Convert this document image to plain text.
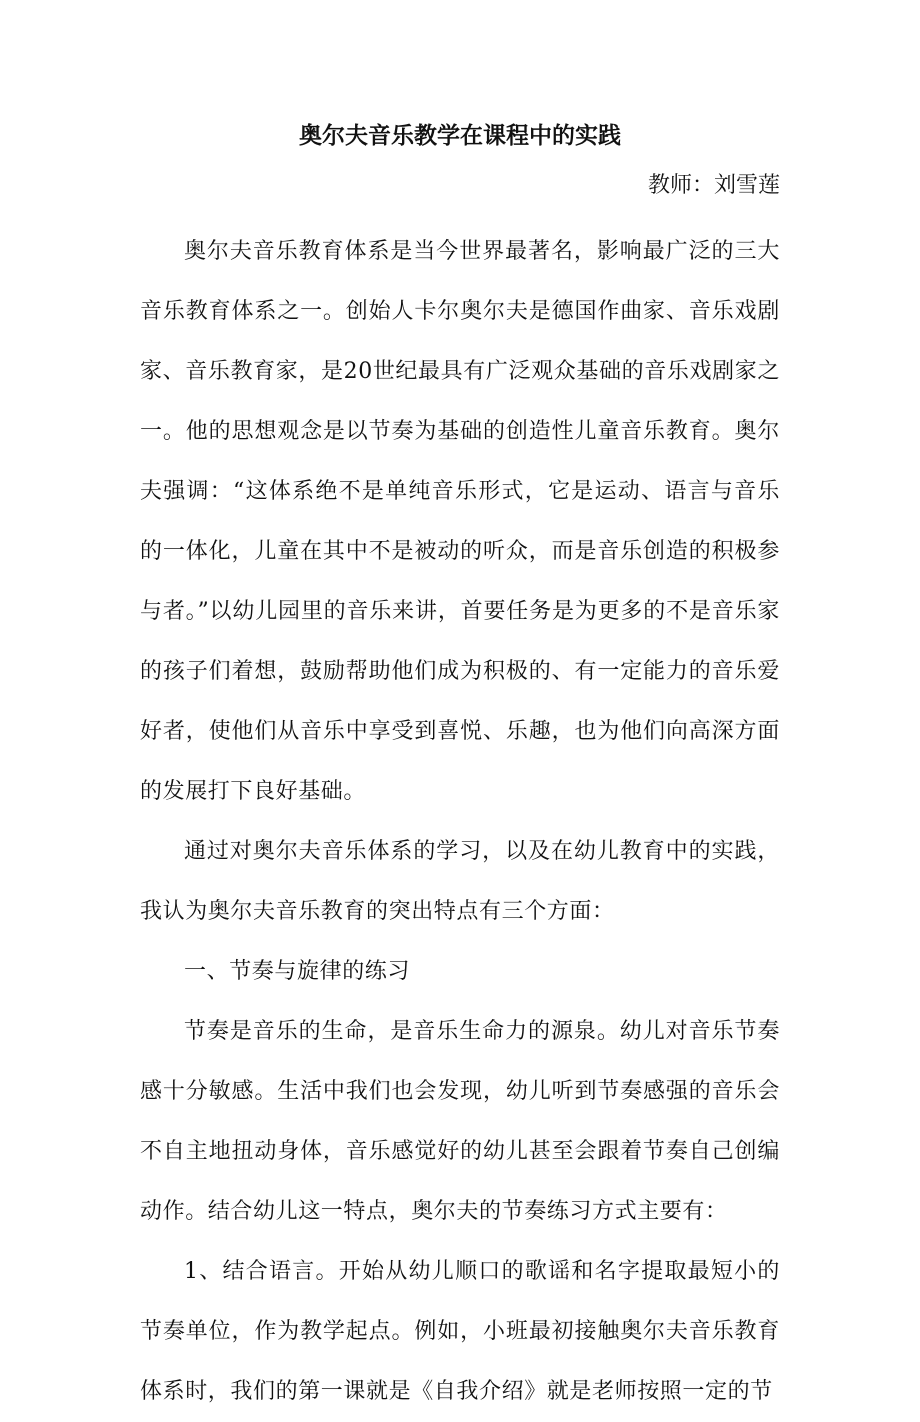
奥尔夫音乐教学在课程中的实践

教师：刘雪莲

奥尔夫音乐教育体系是当今世界最著名，影响最广泛的三大音乐教育体系之一。创始人卡尔奥尔夫是德国作曲家、音乐戏剧家、音乐教育家，是20世纪最具有广泛观众基础的音乐戏剧家之一。他的思想观念是以节奏为基础的创造性儿童音乐教育。奥尔夫强调：“这体系绝不是单纯音乐形式，它是运动、语言与音乐的一体化，儿童在其中不是被动的听众，而是音乐创造的积极参与者。”以幼儿园里的音乐来讲，首要任务是为更多的不是音乐家的孩子们着想，鼓励帮助他们成为积极的、有一定能力的音乐爱好者，使他们从音乐中享受到喜悦、乐趣，也为他们向高深方面的发展打下良好基础。

通过对奥尔夫音乐体系的学习，以及在幼儿教育中的实践，我认为奥尔夫音乐教育的突出特点有三个方面：

一、节奏与旋律的练习

节奏是音乐的生命，是音乐生命力的源泉。幼儿对音乐节奏感十分敏感。生活中我们也会发现，幼儿听到节奏感强的音乐会不自主地扭动身体，音乐感觉好的幼儿甚至会跟着节奏自己创编动作。结合幼儿这一特点，奥尔夫的节奏练习方式主要有：

1、结合语言。开始从幼儿顺口的歌谣和名字提取最短小的节奏单位，作为教学起点。例如，小班最初接触奥尔夫音乐教育体系时，我们的第一课就是《自我介绍》就是老师按照一定的节
